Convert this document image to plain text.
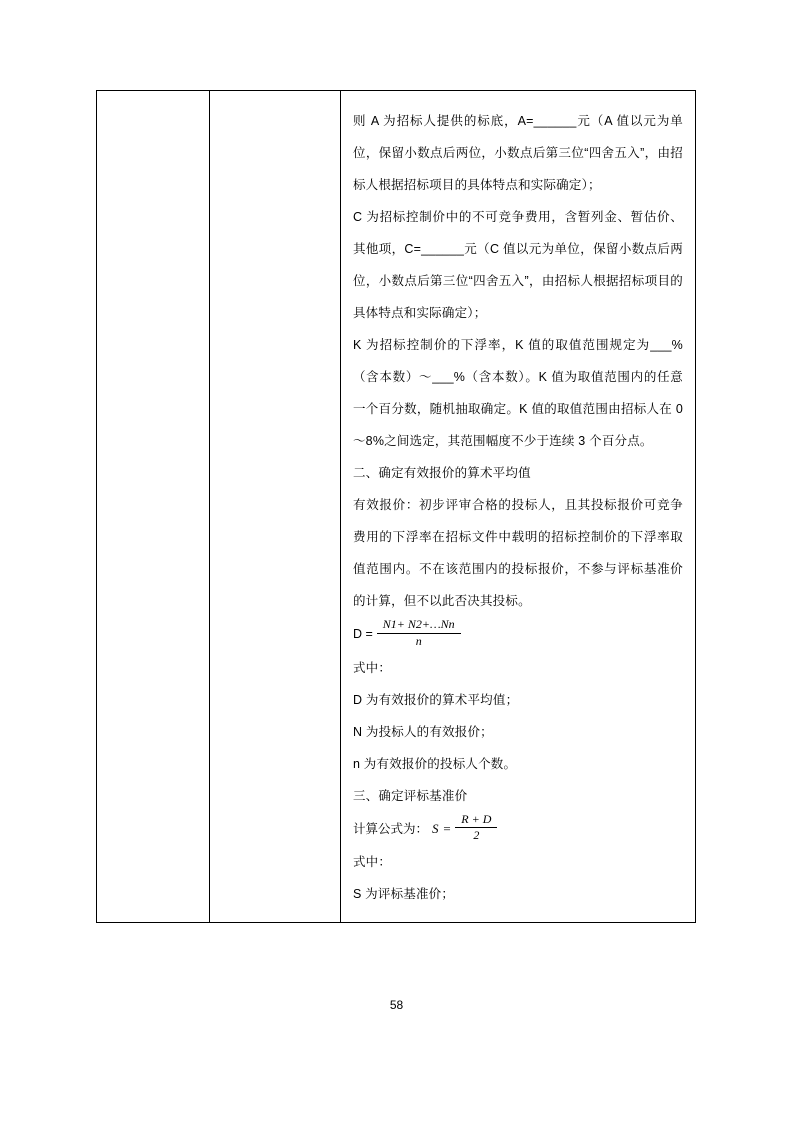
则 A 为招标人提供的标底，A=______元（A 值以元为单位，保留小数点后两位，小数点后第三位“四舍五入”，由招标人根据招标项目的具体特点和实际确定）；

C 为招标控制价中的不可竞争费用，含暂列金、暂估价、其他项，C=______元（C 值以元为单位，保留小数点后两位，小数点后第三位“四舍五入”，由招标人根据招标项目的具体特点和实际确定）；

K 为招标控制价的下浮率，K 值的取值范围规定为___%（含本数）～___%（含本数）。K 值为取值范围内的任意一个百分数，随机抽取确定。K 值的取值范围由招标人在 0～8%之间选定，其范围幅度不少于连续 3 个百分点。

二、确定有效报价的算术平均值

有效报价：初步评审合格的投标人，且其投标报价可竞争费用的下浮率在招标文件中载明的招标控制价的下浮率取值范围内。不在该范围内的投标报价，不参与评标基准价的计算，但不以此否决其投标。

$D = \frac{N1+ N2+\dots Nn}{n}$

式中：

D 为有效报价的算术平均值；

N 为投标人的有效报价；

n 为有效报价的投标人个数。

三、确定评标基准价

计算公式为： $S = \frac{R + D}{2}$

式中：

S 为评标基准价；

58
